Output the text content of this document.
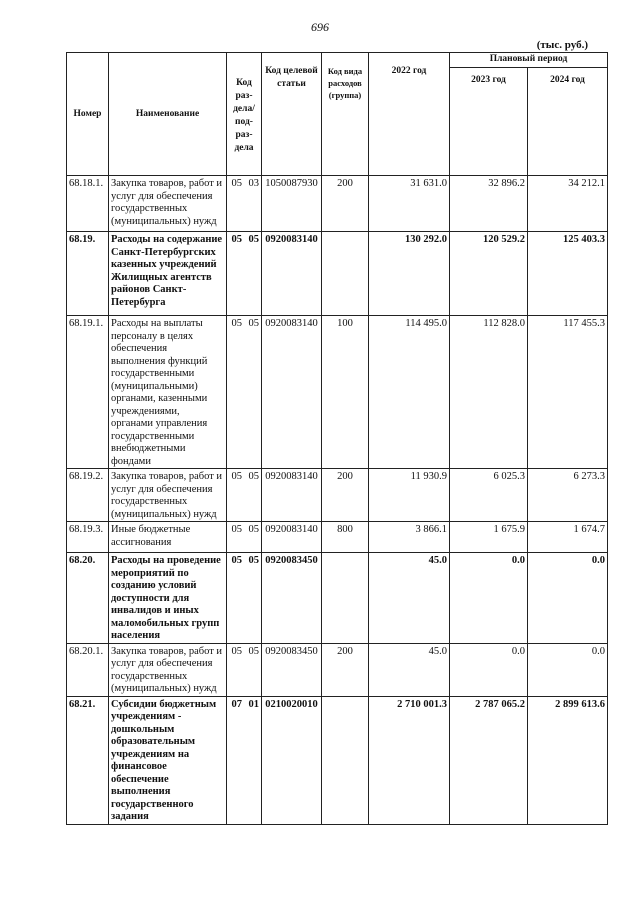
696
(тыс. руб.)
Номер	Наименование	Код раз- дела/ под- раз- дела		Код целевой статьи	Код вида расходов (группа)	2022 год	Плановый период	
							2023 год	2024 год
68.18.1.	Закупка товаров, работ и услуг для обеспечения государственных (муниципальных) нужд	05	03	1050087930	200	31 631.0	32 896.2	34 212.1
68.19.	Расходы на содержание Санкт-Петербургских казенных учреждений Жилищных агентств районов Санкт-Петербурга	05	05	0920083140		130 292.0	120 529.2	125 403.3
68.19.1.	Расходы на выплаты персоналу в целях обеспечения выполнения функций государственными (муниципальными) органами, казенными учреждениями, органами управления государственными внебюджетными фондами	05	05	0920083140	100	114 495.0	112 828.0	117 455.3
68.19.2.	Закупка товаров, работ и услуг для обеспечения государственных (муниципальных) нужд	05	05	0920083140	200	11 930.9	6 025.3	6 273.3
68.19.3.	Иные бюджетные ассигнования	05	05	0920083140	800	3 866.1	1 675.9	1 674.7
68.20.	Расходы на проведение мероприятий по созданию условий доступности для инвалидов и иных маломобильных групп населения	05	05	0920083450		45.0	0.0	0.0
68.20.1.	Закупка товаров, работ и услуг для обеспечения государственных (муниципальных) нужд	05	05	0920083450	200	45.0	0.0	0.0
68.21.	Субсидии бюджетным учреждениям - дошкольным образовательным учреждениям на финансовое обеспечение выполнения государственного задания	07	01	0210020010		2 710 001.3	2 787 065.2	2 899 613.6
